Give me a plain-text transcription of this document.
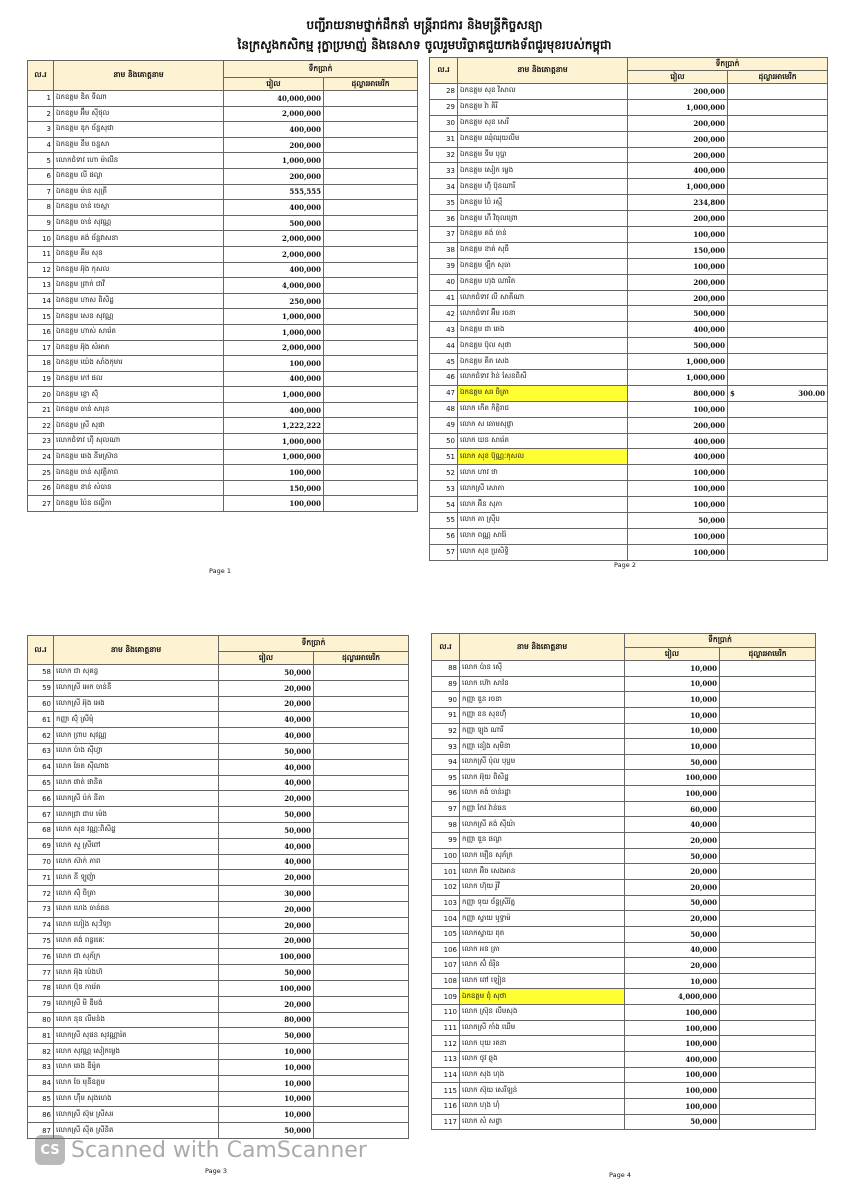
បញ្ជីរាយនាមថ្នាក់ដឹកនាំ មន្ត្រីរាជការ និងមន្ត្រីកិច្ចសន្យា
នៃក្រសួងកសិកម្ម រុក្ខាប្រមាញ់ និងនេសាទ ចូលរួមបរិច្ចាគជួយកងទ័ពជួរមុខរបស់កម្ពុជា
ល.រ	នាម និងគោត្តនាម	ទឹកប្រាក់	
		រៀល	ដុល្លារអាមេរិក
1	ឯកឧត្តម ឌិត ទីណា	40,000,000	
2	ឯកឧត្តម អ៊ឹម ស៊ីថុល	2,000,000	
3	ឯកឧត្តម ឌុក ច័ន្ទសុជា	400,000	
4	ឯកឧត្តម ខឹម ចន្ទសា	200,000	
5	លោកជំទាវ ហោ ម៉ាលីន	1,000,000	
6	ឯកឧត្តម លី ផល្លា	200,000	
7	ឯកឧត្តម ម៉ាន សុត្រី	555,555	
8	ឯកឧត្តម ចាន់ ចេស្តា	400,000	
9	ឯកឧត្តម ចាន់ សុវណ្ណ	500,000	
10	ឯកឧត្តម គង់ ច័ន្ទវាសនា	2,000,000	
11	ឯកឧត្តម គីម សុន	2,000,000	
12	ឯកឧត្តម អ៊ុង កុសល	400,000	
13	ឯកឧត្តម ព្រាក់ ជាវី	4,000,000	
14	ឯកឧត្តម ហាស ពិសិដ្ឋ	250,000	
15	ឯកឧត្តម សេន សុវណ្ណ	1,000,000	
16	ឯកឧត្តម ហាស់ សារ៉េត	1,000,000	
17	ឯកឧត្តម អ៊ុង សំអាត	2,000,000	
18	ឯកឧត្តម យ៉េង សាំងកុមារ	100,000	
19	ឯកឧត្តម កៅ ផល	400,000	
20	ឯកឧត្តម ខ្លោ ស៊ុំ	1,000,000	
21	ឯកឧត្តម ចាន់ សារុន	400,000	
22	ឯកឧត្តម ស្រី សុផា	1,222,222	
23	លោកជំទាវ ហ៊ី សុលណា	1,000,000	
24	ឯកឧត្តម ឆេង នីមស្រ៊ាន	1,000,000	
25	ឯកឧត្តម ចាន់ សុវត្ថិភាព	100,000	
26	ឯកឧត្តម ខាន់ សំបាន	150,000	
27	ឯកឧត្តម ប៉ែន ផល្លីកា	100,000	
ល.រ	នាម និងគោត្តនាម	ទឹកប្រាក់	
		រៀល	ដុល្លារអាមេរិក
28	ឯកឧត្តម សុខ វិសាល	200,000	
29	ឯកឧត្តម វ៉ា គិរី	1,000,000	
30	ឯកឧត្តម សុខ សេរី	200,000	
31	ឯកឧត្តម ឈុំឈុយលីម	200,000	
32	ឯកឧត្តម ទីម បុប្ផា	200,000	
33	ឯកឧត្តម សៀក ម្លេង	400,000	
34	ឯកឧត្តម ហ៊ុំ ប៊ុនណារី	1,000,000	
35	ឯកឧត្តម ប៉ែ រស្មី	234,800	
36	ឯកឧត្តម ហឹ វិចុលព្រោ	200,000	
37	ឯកឧត្តម គង់ ចាន់	100,000	
38	ឯកឧត្តម ខាត់ សុធី	150,000	
39	ឯកឧត្តម ឡឹក សុធា	100,000	
40	ឯកឧត្តម ហុង ណារិត	200,000	
41	លោកជំទាវ លី សាគីណា	200,000	
42	លោកជំទាវ អ៊ីម រចនា	500,000	
43	ឯកឧត្តម ជា ឆេង	400,000	
44	ឯកឧត្តម ប៊ុល សុផា	500,000	
45	ឯកឧត្តម គីត សេង	1,000,000	
46	លោកជំទាវ វ៉ាន់ សែនពិសី	1,000,000	
47	ឯកឧត្តម សរ ចិត្រា	800,000	$ 300.00

48	លោក កើត កិត្តិរាជ	100,000	
49	លោក ស ឆោមសុផ្លា	200,000	
50	លោក ឃន សារ៉េត	400,000	
51	លោក សុខ ប៊ុណ្ណៈកុសល	400,000	
52	លោក ហាវ ថា	100,000	
53	លោកស្រី សោភា	100,000	
54	លោក អ៊ិន សុភា	100,000	
55	លោក គា ស្រ៊ីប	50,000	
56	លោក ពណ្ណ សារ៉ៃ	100,000	
57	លោក សុខ ប្រសិទ្ធិ	100,000	
ល.រ	នាម និងគោត្តនាម	ទឹកប្រាក់	
		រៀល	ដុល្លារអាមេរិក
58	លោក ជា សុគន្ធ	50,000	
59	លោកស្រី អេក ចាន់នី	20,000	
60	លោកស្រី អ៊ុង អេង	20,000	
61	កញ្ញា ស៊ុំ ស្រីមុំ	40,000	
62	លោក ព្រាប សុវណ្ណ	40,000	
63	លោក ប៉ាង ស៊ីហ្វា	50,000	
64	លោក ឆែត ស៊ីណាង	40,000	
65	លោក ផាត់ ផានិត	40,000	
66	លោកស្រី ប៉ក់ នីតា	20,000	
67	លោកជ្រា ជាប ម៉េង	50,000	
68	លោក សុខ វណ្ណៈពិសិដ្ឋ	50,000	
69	លោក សួ ស្រីពៅ	40,000	
70	លោក ស៊ាក់ ភាព	40,000	
71	លោក នី ឡូញ៉ា	20,000	
72	លោក ស៊ុំ ចិត្រា	30,000	
73	លោក ហេង ចាន់ធន	20,000	
74	លោក ហៀង សុៈវិទ្យា	20,000	
75	លោក គង់ ពន្លរគេៈ	20,000	
76	លោក ជា សុភ័ក្រ	100,000	
77	លោក អ៊ុង ប៉េងហ៊	50,000	
78	លោក ប៊ុន ការ៉េត	100,000	
79	លោកស្រី មិ ឌីមង់	20,000	
80	លោក នុន លីមន៉ង	80,000	
81	លោកស្រី សុផន សុវណ្ណារ៉ត	50,000	
82	លោក សុវណ្ណ សៀកម្លេង	10,000	
83	លោក ឆេង ឌីម៉ូត	10,000	
84	លោក ចែ មុនីឧត្តម	10,000	
85	លោក ហ៊ឹម សុងហេង	10,000	
86	លោកស្រី ស៊ុម ស្រីសរ	10,000	
87	លោកស្រី ស៊ីត ស្រីនិត	50,000	
ល.រ	នាម និងគោត្តនាម	ទឹកប្រាក់	
		រៀល	ដុល្លារអាមេរិក
88	លោក ប៉ាន ស៊ើ	10,000	
89	លោក ហ៊ោ សាវ៉ន	10,000	
90	កញ្ញា ឌួន រចនា	10,000	
91	កញ្ញា ខន សុខហ៊ុំ	10,000	
92	កញ្ញា ឡុង ណារី	10,000	
93	កញ្ញា នៀង សុមិនា	10,000	
94	លោកស្រី ប៉ុល បុប្ផម	50,000	
95	លោក អ៊ុយ ពិសិដ្ឋ	100,000	
96	លោក គង់ ចាន់រដ្ឋា	100,000	
97	កញ្ញា កែវ វ៉ាន់ធន	60,000	
98	លោកស្រី គង់ ស៊ីយ៉ា	40,000	
99	កញ្ញា ឌួន ផល្លា	20,000	
100	លោក មឿន សុភ័ក្រ	50,000	
101	លោក អ៊ិច សេងអាន	20,000	
102	លោក ហ៊ុយ រ៉ូវី	20,000	
103	កញ្ញា ទុយ ច័ន្ទស្រីរ័ត្ន	50,000	
104	កញ្ញា ស្វាយ ឬទ្ធាម៉	20,000	
105	លោកស្វាយ ពុត	50,000	
106	លោក អន ត្រា	40,000	
107	លោក ស៊ំ ធំរ៉ិន	20,000	
108	លោក ពៅ ឡៀន	10,000	
109	ឯកឧត្តម ពុំ សុថា	4,000,000	
110	លោក ស្រ៊ុន លីមសុង	100,000	
111	លោកស្រី កាំង ឃើម	100,000	
112	លោក បុយ រតនា	100,000	
113	លោក ថូវ ឆ្លុង	400,000	
114	លោក សុង ហុង	100,000	
115	លោក ស៊ុយ សេរីឡន់	100,000	
116	លោក ហុង ហុំ	100,000	
117	លោក សំ សព្វា	50,000	
Page 1
Page 2
Page 3	Page 4
CS Scanned with CamScanner
